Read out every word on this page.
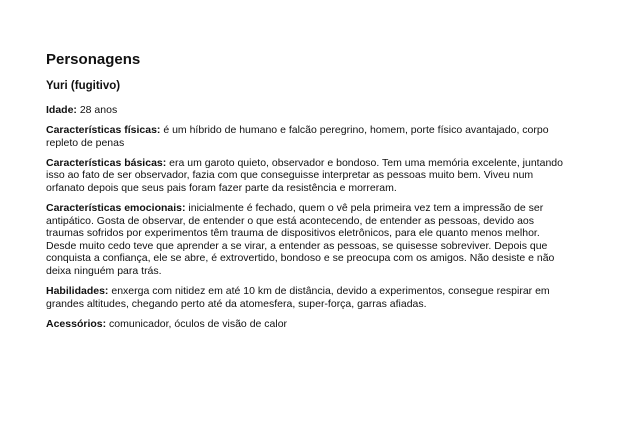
Personagens
Yuri (fugitivo)

Idade: 28 anos

Características físicas: é um híbrido de humano e falcão peregrino, homem, porte físico avantajado, corpo repleto de penas

Características básicas: era um garoto quieto, observador e bondoso. Tem uma memória excelente, juntando isso ao fato de ser observador, fazia com que conseguisse interpretar as pessoas muito bem. Viveu num orfanato depois que seus pais foram fazer parte da resistência e morreram.

Características emocionais: inicialmente é fechado, quem o vê pela primeira vez tem a impressão de ser antipático. Gosta de observar, de entender o que está acontecendo, de entender as pessoas, devido aos traumas sofridos por experimentos têm trauma de dispositivos eletrônicos, para ele quanto menos melhor. Desde muito cedo teve que aprender a se virar, a entender as pessoas, se quisesse sobreviver. Depois que conquista a confiança, ele se abre, é extrovertido, bondoso e se preocupa com os amigos. Não desiste e não deixa ninguém para trás.

Habilidades: enxerga com nitidez em até 10 km de distância, devido a experimentos, consegue respirar em grandes altitudes, chegando perto até da atomesfera, super-força, garras afiadas.

Acessórios: comunicador, óculos de visão de calor
